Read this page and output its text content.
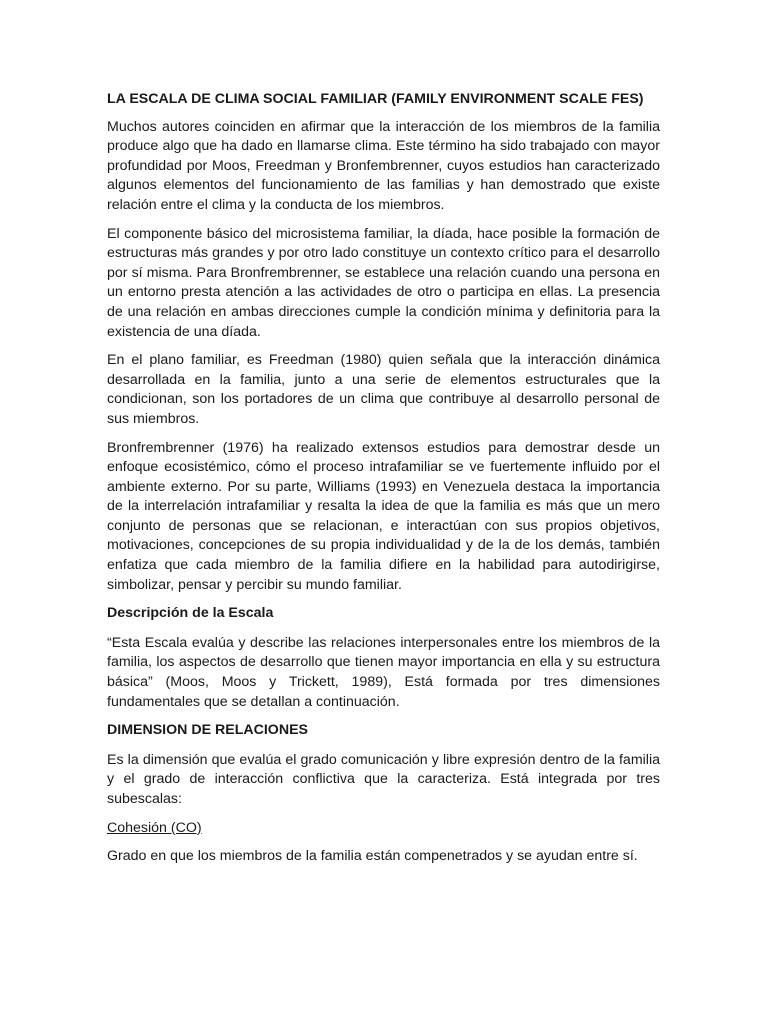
LA ESCALA DE CLIMA SOCIAL FAMILIAR (FAMILY ENVIRONMENT SCALE FES)

Muchos autores coinciden en afirmar que la interacción de los miembros de la familia produce algo que ha dado en llamarse clima. Este término ha sido trabajado con mayor profundidad por Moos, Freedman y Bronfembrenner, cuyos estudios han caracterizado algunos elementos del funcionamiento de las familias y han demostrado que existe relación entre el clima y la conducta de los miembros.

El componente básico del microsistema familiar, la díada, hace posible la formación de estructuras más grandes y por otro lado constituye un contexto crítico para el desarrollo por sí misma. Para Bronfrembrenner, se establece una relación cuando una persona en un entorno presta atención a las actividades de otro o participa en ellas. La presencia de una relación en ambas direcciones cumple la condición mínima y definitoria para la existencia de una díada.

En el plano familiar, es Freedman (1980) quien señala que la interacción dinámica desarrollada en la familia, junto a una serie de elementos estructurales que la condicionan, son los portadores de un clima que contribuye al desarrollo personal de sus miembros.

Bronfrembrenner (1976) ha realizado extensos estudios para demostrar desde un enfoque ecosistémico, cómo el proceso intrafamiliar se ve fuertemente influido por el ambiente externo. Por su parte, Williams (1993) en Venezuela destaca la importancia de la interrelación intrafamiliar y resalta la idea de que la familia es más que un mero conjunto de personas que se relacionan, e interactúan con sus propios objetivos, motivaciones, concepciones de su propia individualidad y de la de los demás, también enfatiza que cada miembro de la familia difiere en la habilidad para autodirigirse, simbolizar, pensar y percibir su mundo familiar.

Descripción de la Escala

“Esta Escala evalúa y describe las relaciones interpersonales entre los miembros de la familia, los aspectos de desarrollo que tienen mayor importancia en ella y su estructura básica” (Moos, Moos y Trickett, 1989), Está formada por tres dimensiones fundamentales que se detallan a continuación.

DIMENSION DE RELACIONES

Es la dimensión que evalúa el grado comunicación y libre expresión dentro de la familia y el grado de interacción conflictiva que la caracteriza. Está integrada por tres subescalas:

Cohesión (CO)

Grado en que los miembros de la familia están compenetrados y se ayudan entre sí.
